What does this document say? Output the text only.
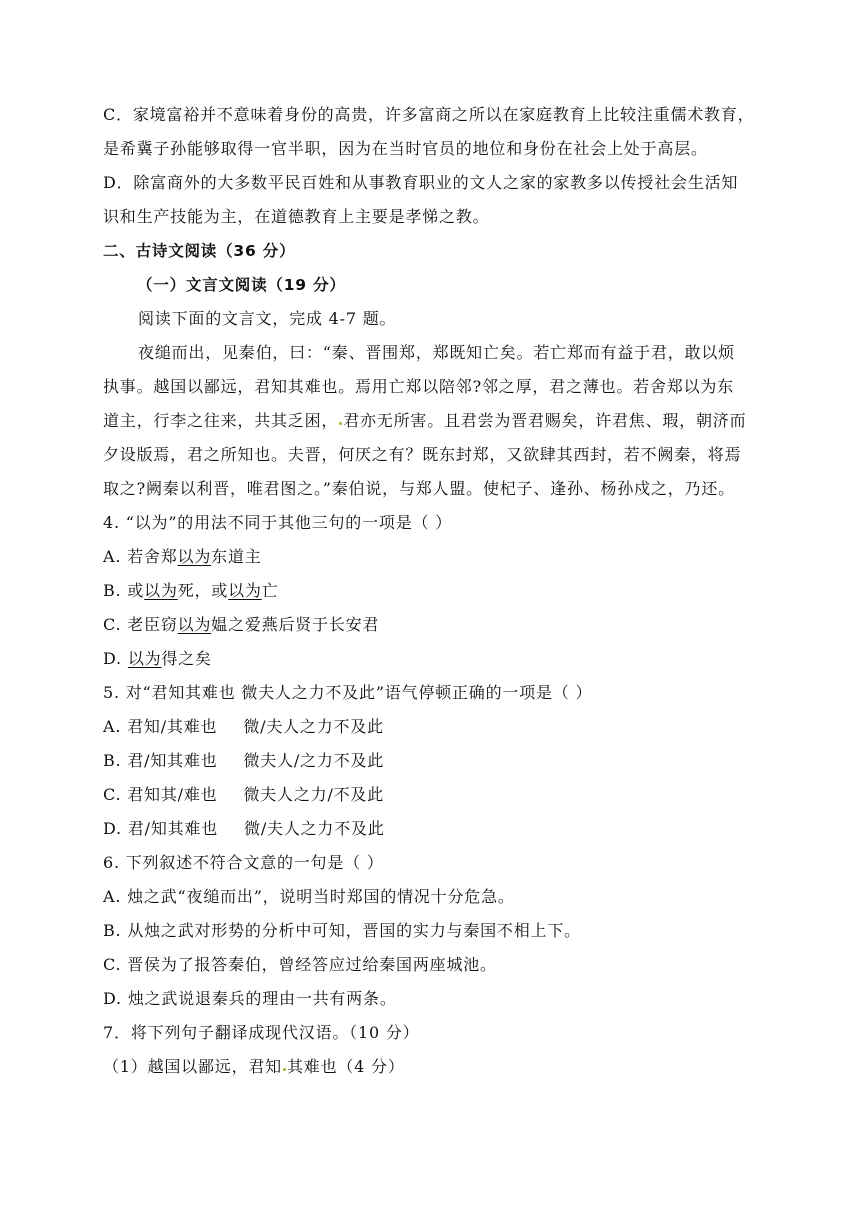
C．家境富裕并不意味着身份的高贵，许多富商之所以在家庭教育上比较注重儒术教育，
是希冀子孙能够取得一官半职，因为在当时官员的地位和身份在社会上处于高层。
D．除富商外的大多数平民百姓和从事教育职业的文人之家的家教多以传授社会生活知
识和生产技能为主，在道德教育上主要是孝悌之教。
二、古诗文阅读（36 分）
（一）文言文阅读（19 分）
阅读下面的文言文，完成 4-7 题。
夜缒而出，见秦伯，曰：“秦、晋围郑，郑既知亡矣。若亡郑而有益于君，敢以烦
执事。越国以鄙远，君知其难也。焉用亡郑以陪邻?邻之厚，君之薄也。若舍郑以为东
道主，行李之往来，共其乏困， 君亦无所害。且君尝为晋君赐矣，许君焦、瑕，朝济而
夕设版焉，君之所知也。夫晋，何厌之有？既东封郑，又欲肆其西封，若不阙秦，将焉
取之?阙秦以利晋，唯君图之。”秦伯说，与郑人盟。使杞子、逢孙、杨孙戍之，乃还。
4. “以为”的用法不同于其他三句的一项是（ ）
A. 若舍郑以为东道主
B. 或以为死，或以为亡
C. 老臣窃以为媪之爱燕后贤于长安君
D. 以为得之矣
5. 对“君知其难也 微夫人之力不及此”语气停顿正确的一项是（ ）
A. 君知/其难也 微/夫人之力不及此
B. 君/知其难也 微夫人/之力不及此
C. 君知其/难也 微夫人之力/不及此
D. 君/知其难也 微/夫人之力不及此
6. 下列叙述不符合文意的一句是（ ）
A. 烛之武“夜缒而出”，说明当时郑国的情况十分危急。
B. 从烛之武对形势的分析中可知，晋国的实力与秦国不相上下。
C. 晋侯为了报答秦伯，曾经答应过给秦国两座城池。
D. 烛之武说退秦兵的理由一共有两条。
7．将下列句子翻译成现代汉语。（10 分）
（1）越国以鄙远，君知 其难也（4 分）
